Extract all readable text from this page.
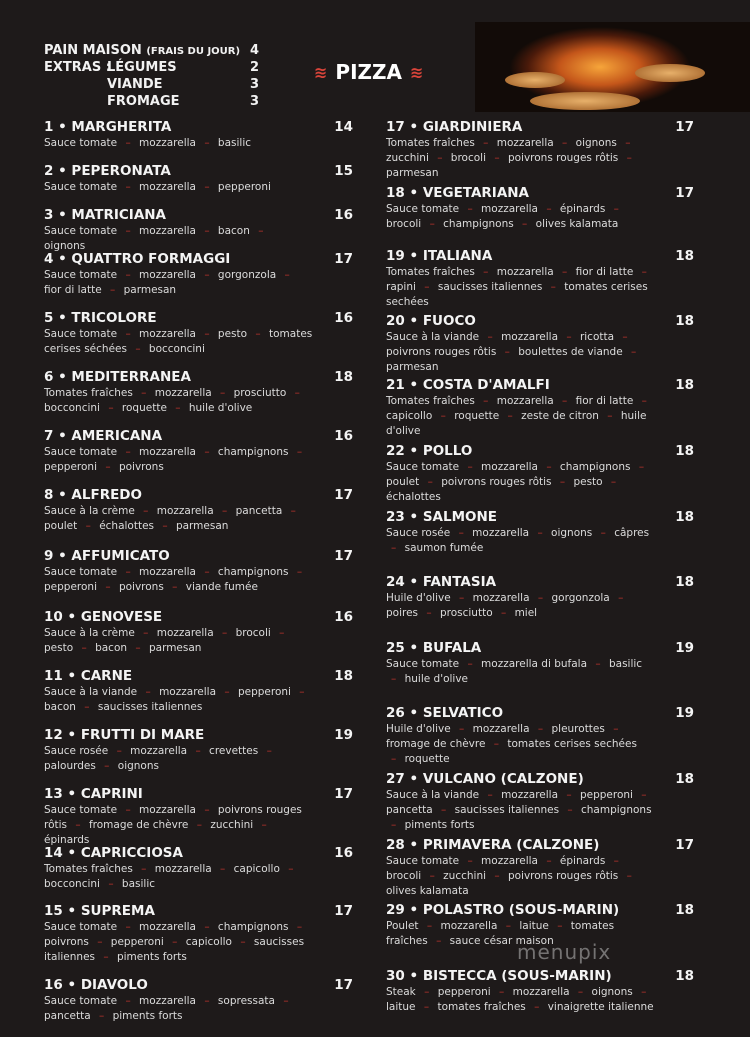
PAIN MAISON (FRAIS DU JOUR) 4
EXTRAS :
LÉGUMES	2
VIANDE	3
FROMAGE	3
≋ PIZZA ≋
1 • MARGHERITA	14
Sauce tomate – mozzarella – basilic
2 • PEPERONATA	15
Sauce tomate – mozzarella – pepperoni
3 • MATRICIANA	16
Sauce tomate – mozzarella – bacon – oignons
4 • QUATTRO FORMAGGI	17
Sauce tomate – mozzarella – gorgonzola – fior di latte – parmesan
5 • TRICOLORE	16
Sauce tomate – mozzarella – pesto – tomates cerises séchées – bocconcini
6 • MEDITERRANEA	18
Tomates fraîches – mozzarella – prosciutto – bocconcini – roquette – huile d'olive
7 • AMERICANA	16
Sauce tomate – mozzarella – champignons – pepperoni – poivrons
8 • ALFREDO	17
Sauce à la crème – mozzarella – pancetta – poulet – échalottes – parmesan
9 • AFFUMICATO	17
Sauce tomate – mozzarella – champignons – pepperoni – poivrons – viande fumée
10 • GENOVESE	16
Sauce à la crème – mozzarella – brocoli – pesto – bacon – parmesan
11 • CARNE	18
Sauce à la viande – mozzarella – pepperoni – bacon – saucisses italiennes
12 • FRUTTI DI MARE	19
Sauce rosée – mozzarella – crevettes – palourdes – oignons
13 • CAPRINI	17
Sauce tomate – mozzarella – poivrons rouges rôtis – fromage de chèvre – zucchini – épinards
14 • CAPRICCIOSA	16
Tomates fraîches – mozzarella – capicollo – bocconcini – basilic
15 • SUPREMA	17
Sauce tomate – mozzarella – champignons – poivrons – pepperoni – capicollo – saucisses italiennes – piments forts
16 • DIAVOLO	17
Sauce tomate – mozzarella – sopressata – pancetta – piments forts
17 • GIARDINIERA	17
Tomates fraîches – mozzarella – oignons – zucchini – brocoli – poivrons rouges rôtis – parmesan
18 • VEGETARIANA	17
Sauce tomate – mozzarella – épinards – brocoli – champignons – olives kalamata
19 • ITALIANA	18
Tomates fraîches – mozzarella – fior di latte – rapini – saucisses italiennes – tomates cerises sechées
20 • FUOCO	18
Sauce à la viande – mozzarella – ricotta – poivrons rouges rôtis – boulettes de viande – parmesan
21 • COSTA D'AMALFI	18
Tomates fraîches – mozzarella – fior di latte – capicollo – roquette – zeste de citron – huile d'olive
22 • POLLO	18
Sauce tomate – mozzarella – champignons – poulet – poivrons rouges rôtis – pesto – échalottes
23 • SALMONE	18
Sauce rosée – mozzarella – oignons – câpres – saumon fumée
24 • FANTASIA	18
Huile d'olive – mozzarella – gorgonzola – poires – prosciutto – miel
25 • BUFALA	19
Sauce tomate – mozzarella di bufala – basilic – huile d'olive
26 • SELVATICO	19
Huile d'olive – mozzarella – pleurottes – fromage de chèvre – tomates cerises sechées – roquette
27 • VULCANO (CALZONE)	18
Sauce à la viande – mozzarella – pepperoni – pancetta – saucisses italiennes – champignons – piments forts
28 • PRIMAVERA (CALZONE)	17
Sauce tomate – mozzarella – épinards – brocoli – zucchini – poivrons rouges rôtis – olives kalamata
29 • POLASTRO (SOUS-MARIN)	18
Poulet – mozzarella – laitue – tomates fraîches – sauce césar maison
30 • BISTECCA (SOUS-MARIN)	18
Steak – pepperoni – mozzarella – oignons – laitue – tomates fraîches – vinaigrette italienne
menupix
